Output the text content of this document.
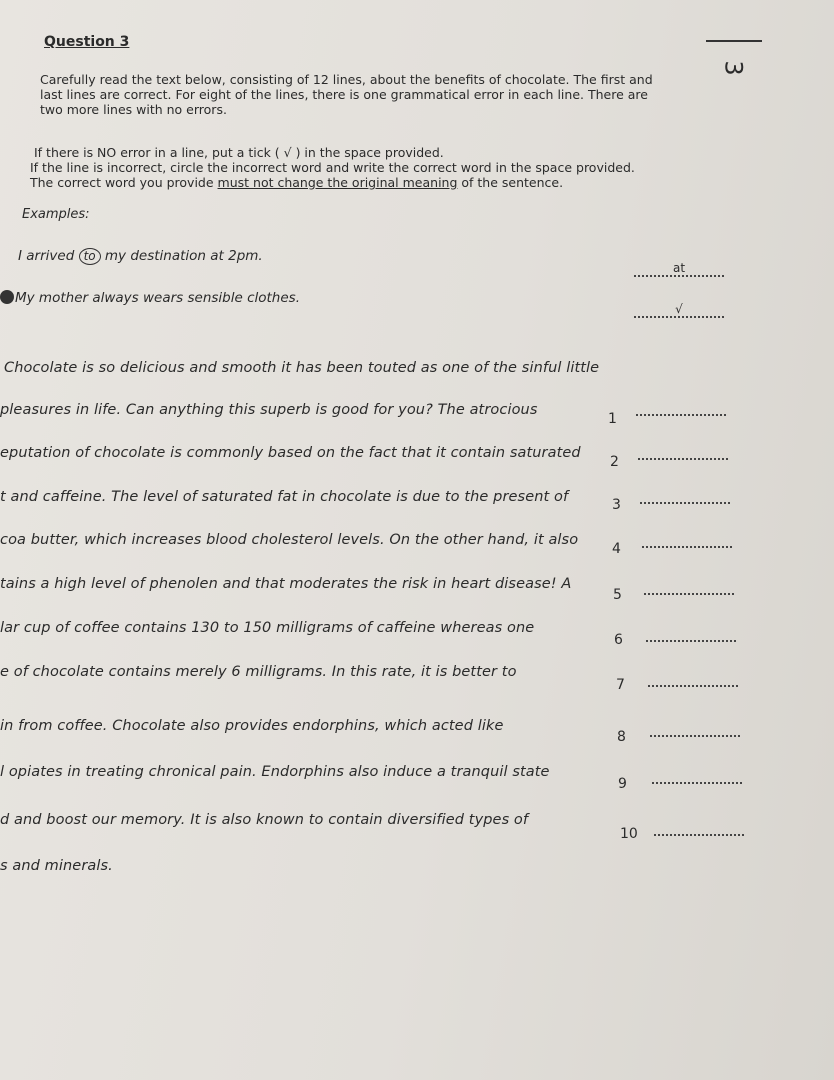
Question 3
3
Carefully read the text below, consisting of 12 lines, about the benefits of chocolate. The first and
last lines are correct. For eight of the lines, there is one grammatical error in each line. There are
two more lines with no errors.
If there is NO error in a line, put a tick ( √ ) in the space provided.
If the line is incorrect, circle the incorrect word and write the correct word in the space provided.
The correct word you provide must not change the original meaning of the sentence.
Examples:
I arrived to my destination at 2pm.
at
My mother always wears sensible clothes.
√
Chocolate is so delicious and smooth it has been touted as one of the sinful little
pleasures in life. Can anything this superb is good for you? The atrocious
1
eputation of chocolate is commonly based on the fact that it contain saturated
2
t and caffeine. The level of saturated fat in chocolate is due to the present of	3
coa butter, which increases blood cholesterol levels. On the other hand, it also
4
tains a high level of phenolen and that moderates the risk in heart disease! A
5
lar cup of coffee contains 130 to 150 milligrams of caffeine whereas one
6
e of chocolate contains merely 6 milligrams. In this rate, it is better to
7
in from coffee. Chocolate also provides endorphins, which acted like
8
l opiates in treating chronical pain. Endorphins also induce a tranquil state
9
d and boost our memory. It is also known to contain diversified types of
10
s and minerals.
